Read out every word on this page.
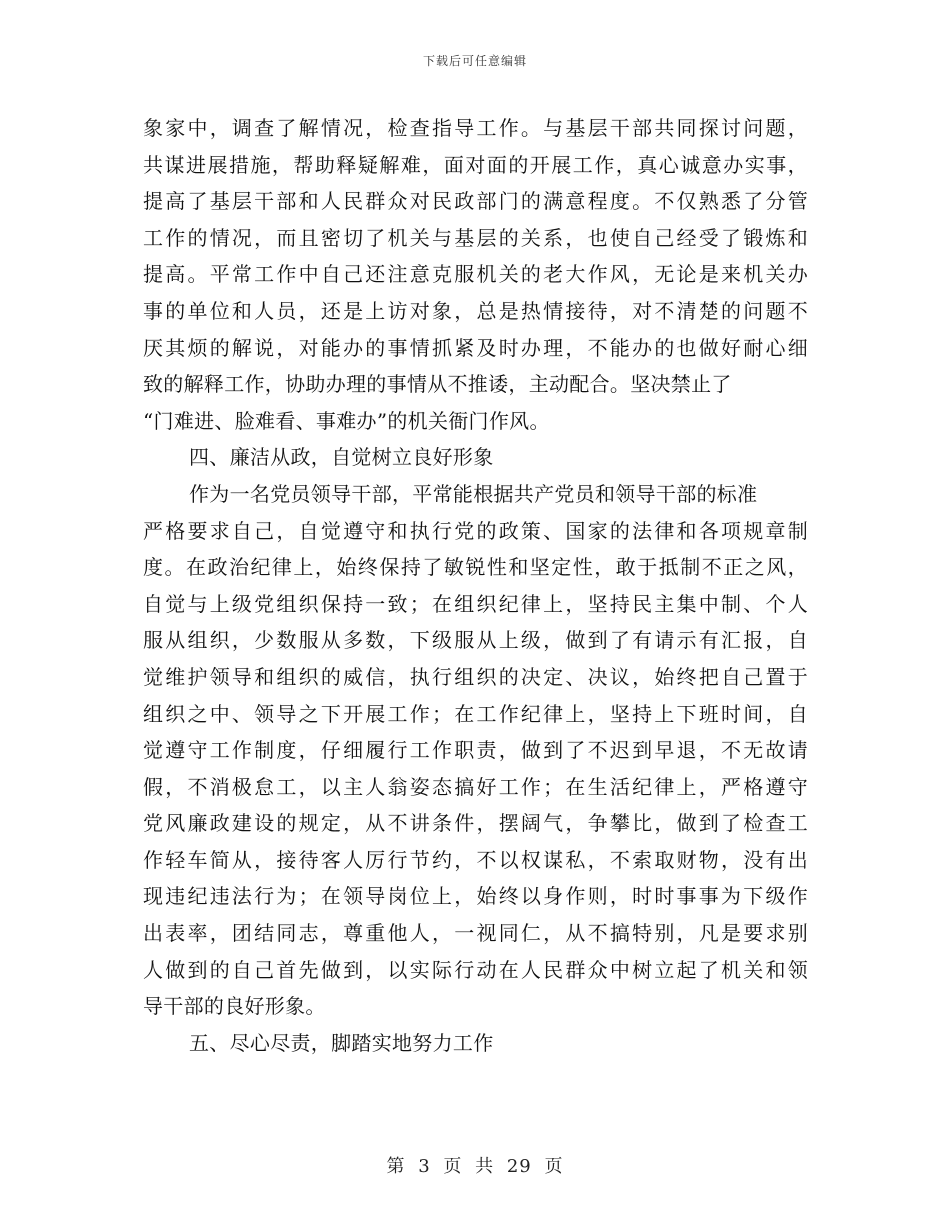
下载后可任意编辑
象家中，调查了解情况，检查指导工作。与基层干部共同探讨问题，
共谋进展措施，帮助释疑解难，面对面的开展工作，真心诚意办实事，
提高了基层干部和人民群众对民政部门的满意程度。不仅熟悉了分管
工作的情况，而且密切了机关与基层的关系，也使自己经受了锻炼和
提高。平常工作中自己还注意克服机关的老大作风，无论是来机关办
事的单位和人员，还是上访对象，总是热情接待，对不清楚的问题不
厌其烦的解说，对能办的事情抓紧及时办理，不能办的也做好耐心细
致的解释工作，协助办理的事情从不推诿，主动配合。坚决禁止了
“门难进、脸难看、事难办”的机关衙门作风。
四、廉洁从政，自觉树立良好形象
作为一名党员领导干部，平常能根据共产党员和领导干部的标准
严格要求自己，自觉遵守和执行党的政策、国家的法律和各项规章制
度。在政治纪律上，始终保持了敏锐性和坚定性，敢于抵制不正之风，
自觉与上级党组织保持一致；在组织纪律上，坚持民主集中制、个人
服从组织，少数服从多数，下级服从上级，做到了有请示有汇报，自
觉维护领导和组织的威信，执行组织的决定、决议，始终把自己置于
组织之中、领导之下开展工作；在工作纪律上，坚持上下班时间，自
觉遵守工作制度，仔细履行工作职责，做到了不迟到早退，不无故请
假，不消极怠工，以主人翁姿态搞好工作；在生活纪律上，严格遵守
党风廉政建设的规定，从不讲条件，摆阔气，争攀比，做到了检查工
作轻车简从，接待客人厉行节约，不以权谋私，不索取财物，没有出
现违纪违法行为；在领导岗位上，始终以身作则，时时事事为下级作
出表率，团结同志，尊重他人，一视同仁，从不搞特别，凡是要求别
人做到的自己首先做到，以实际行动在人民群众中树立起了机关和领
导干部的良好形象。
五、尽心尽责，脚踏实地努力工作
第 3 页 共 29 页
